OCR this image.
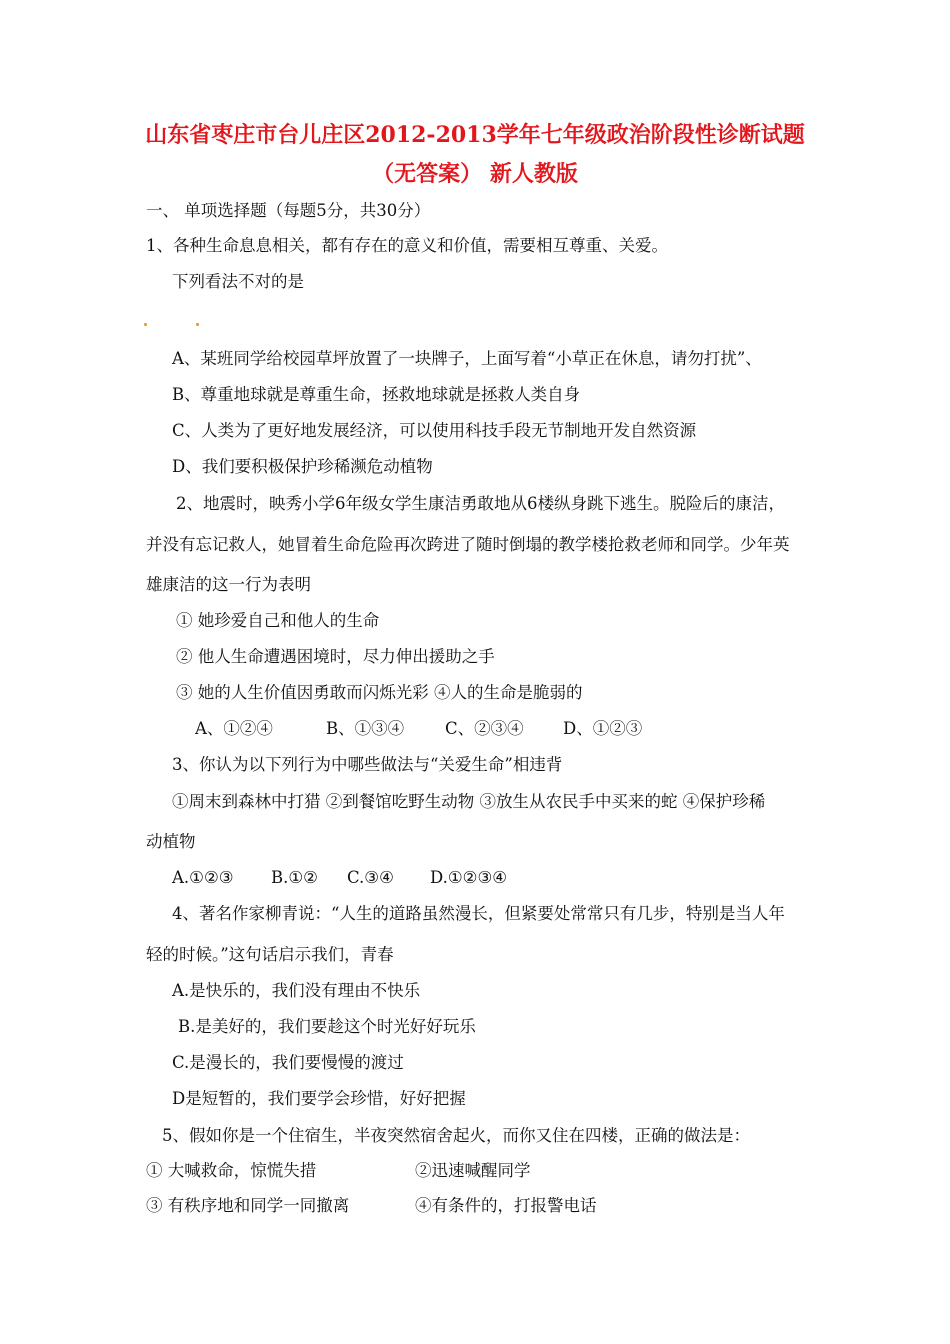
山东省枣庄市台儿庄区2012-2013学年七年级政治阶段性诊断试题
（无答案） 新人教版
一、 单项选择题（每题5分，共30分）
1、各种生命息息相关，都有存在的意义和价值，需要相互尊重、关爱。
下列看法不对的是
A、某班同学给校园草坪放置了一块牌子，上面写着“小草正在休息，请勿打扰”、
B、尊重地球就是尊重生命，拯救地球就是拯救人类自身
C、人类为了更好地发展经济，可以使用科技手段无节制地开发自然资源
D、我们要积极保护珍稀濒危动植物
2、地震时，映秀小学6年级女学生康洁勇敢地从6楼纵身跳下逃生。脱险后的康洁，
并没有忘记救人，她冒着生命危险再次跨进了随时倒塌的教学楼抢救老师和同学。少年英
雄康洁的这一行为表明
① 她珍爱自己和他人的生命
② 他人生命遭遇困境时，尽力伸出援助之手
③ 她的人生价值因勇敢而闪烁光彩 ④人的生命是脆弱的
A、①②④	B、①③④ C、②③④ D、①②③
3、你认为以下列行为中哪些做法与“关爱生命”相违背
①周末到森林中打猎 ②到餐馆吃野生动物 ③放生从农民手中买来的蛇 ④保护珍稀
动植物
A.①②③ B.①② C.③④ D.①②③④
4、著名作家柳青说：“人生的道路虽然漫长，但紧要处常常只有几步，特别是当人年
轻的时候。”这句话启示我们，青春
A.是快乐的，我们没有理由不快乐
B.是美好的，我们要趁这个时光好好玩乐
C.是漫长的，我们要慢慢的渡过
D是短暂的，我们要学会珍惜，好好把握
5、假如你是一个住宿生，半夜突然宿舍起火，而你又住在四楼，正确的做法是：
① 大喊救命，惊慌失措	②迅速喊醒同学
③ 有秩序地和同学一同撤离	④有条件的，打报警电话
